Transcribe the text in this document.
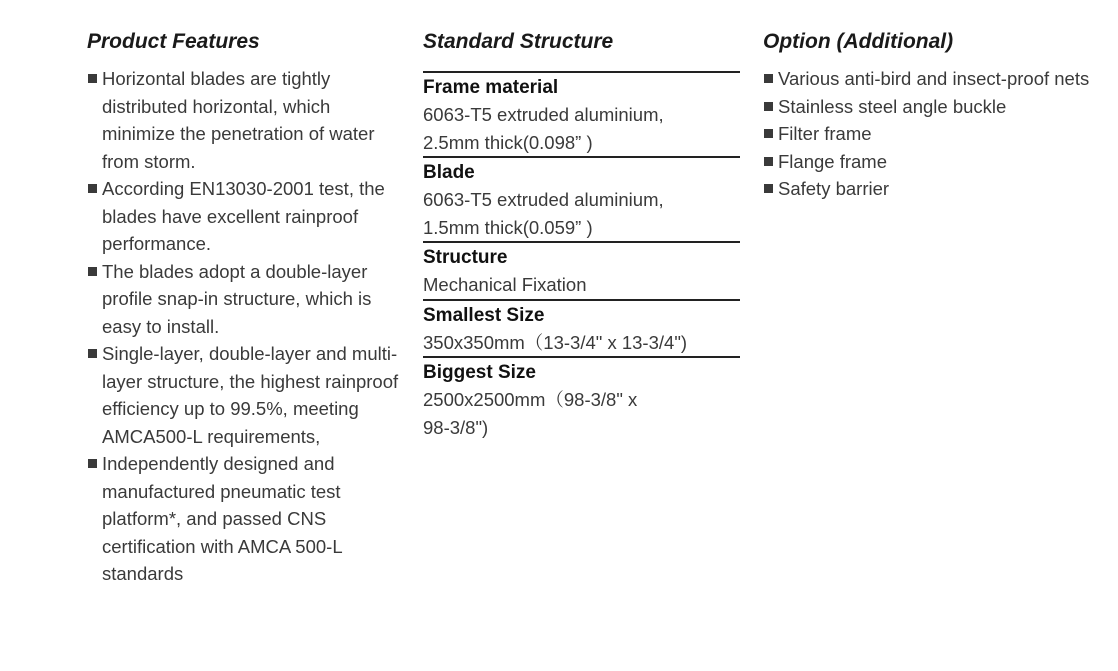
Product Features
Horizontal blades are tightly distributed horizontal, which minimize the penetration of water from storm.
According EN13030-2001 test, the blades have excellent rainproof performance.
The blades adopt a double-layer profile snap-in structure, which is easy to install.
Single-layer, double-layer and multi-layer structure, the highest rainproof efficiency up to 99.5%, meeting AMCA500-L requirements,
Independently designed and manufactured pneumatic test platform*, and passed CNS certification with AMCA 500-L standards
Standard Structure
Frame material
6063-T5 extruded aluminium,
2.5mm thick(0.098” )
Blade
6063-T5 extruded aluminium,
1.5mm thick(0.059” )
Structure
Mechanical Fixation
Smallest Size
350x350mm（13-3/4" x 13-3/4")
Biggest Size
2500x2500mm（98-3/8" x
98-3/8")
Option (Additional)
Various anti-bird and insect-proof nets
Stainless steel angle buckle
Filter frame
Flange frame
Safety barrier
